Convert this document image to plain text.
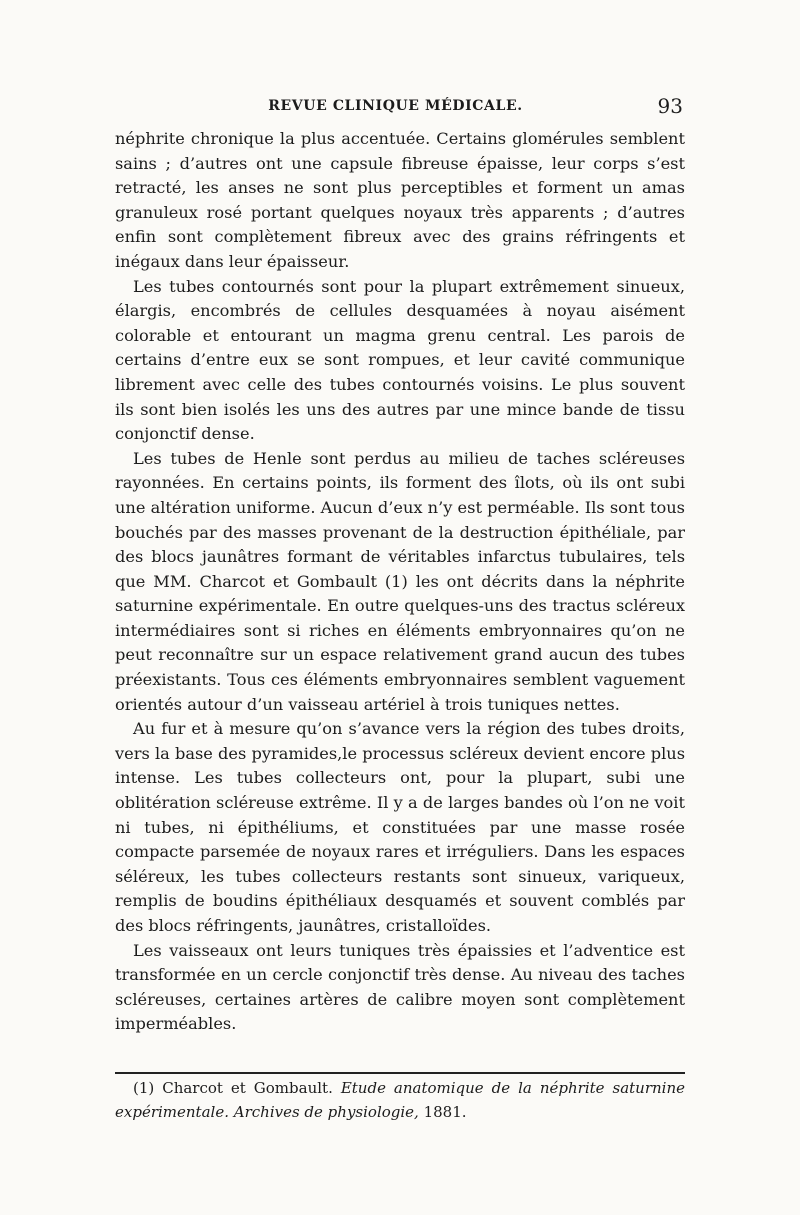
REVUE CLINIQUE MÉDICALE.	93

néphrite chronique la plus accentuée. Certains glomérules semblent sains ; d’autres ont une capsule fibreuse épaisse, leur corps s’est retracté, les anses ne sont plus perceptibles et forment un amas granuleux rosé portant quelques noyaux très apparents ; d’autres enfin sont complètement fibreux avec des grains réfringents et inégaux dans leur épaisseur.

Les tubes contournés sont pour la plupart extrêmement sinueux, élargis, encombrés de cellules desquamées à noyau aisément colorable et entourant un magma grenu central. Les parois de certains d’entre eux se sont rompues, et leur cavité communique librement avec celle des tubes contournés voisins. Le plus souvent ils sont bien isolés les uns des autres par une mince bande de tissu conjonctif dense.

Les tubes de Henle sont perdus au milieu de taches scléreuses rayonnées. En certains points, ils forment des îlots, où ils ont subi une altération uniforme. Aucun d’eux n’y est perméable. Ils sont tous bouchés par des masses provenant de la destruction épithéliale, par des blocs jaunâtres formant de véritables infarctus tubulaires, tels que MM. Charcot et Gombault (1) les ont décrits dans la néphrite saturnine expérimentale. En outre quelques-uns des tractus scléreux intermédiaires sont si riches en éléments embryonnaires qu’on ne peut reconnaître sur un espace relativement grand aucun des tubes préexistants. Tous ces éléments embryonnaires semblent vaguement orientés autour d’un vaisseau artériel à trois tuniques nettes.

Au fur et à mesure qu’on s’avance vers la région des tubes droits, vers la base des pyramides,le processus scléreux devient encore plus intense. Les tubes collecteurs ont, pour la plupart, subi une oblitération scléreuse extrême. Il y a de larges bandes où l’on ne voit ni tubes, ni épithéliums, et constituées par une masse rosée compacte parsemée de noyaux rares et irréguliers. Dans les espaces séléreux, les tubes collecteurs restants sont sinueux, variqueux, remplis de boudins épithéliaux desquamés et souvent comblés par des blocs réfringents, jaunâtres, cristalloïdes.

Les vaisseaux ont leurs tuniques très épaissies et l’adventice est transformée en un cercle conjonctif très dense. Au niveau des taches scléreuses, certaines artères de calibre moyen sont complètement imperméables.

(1) Charcot et Gombault. Etude anatomique de la néphrite saturnine expérimentale. Archives de physiologie, 1881.
